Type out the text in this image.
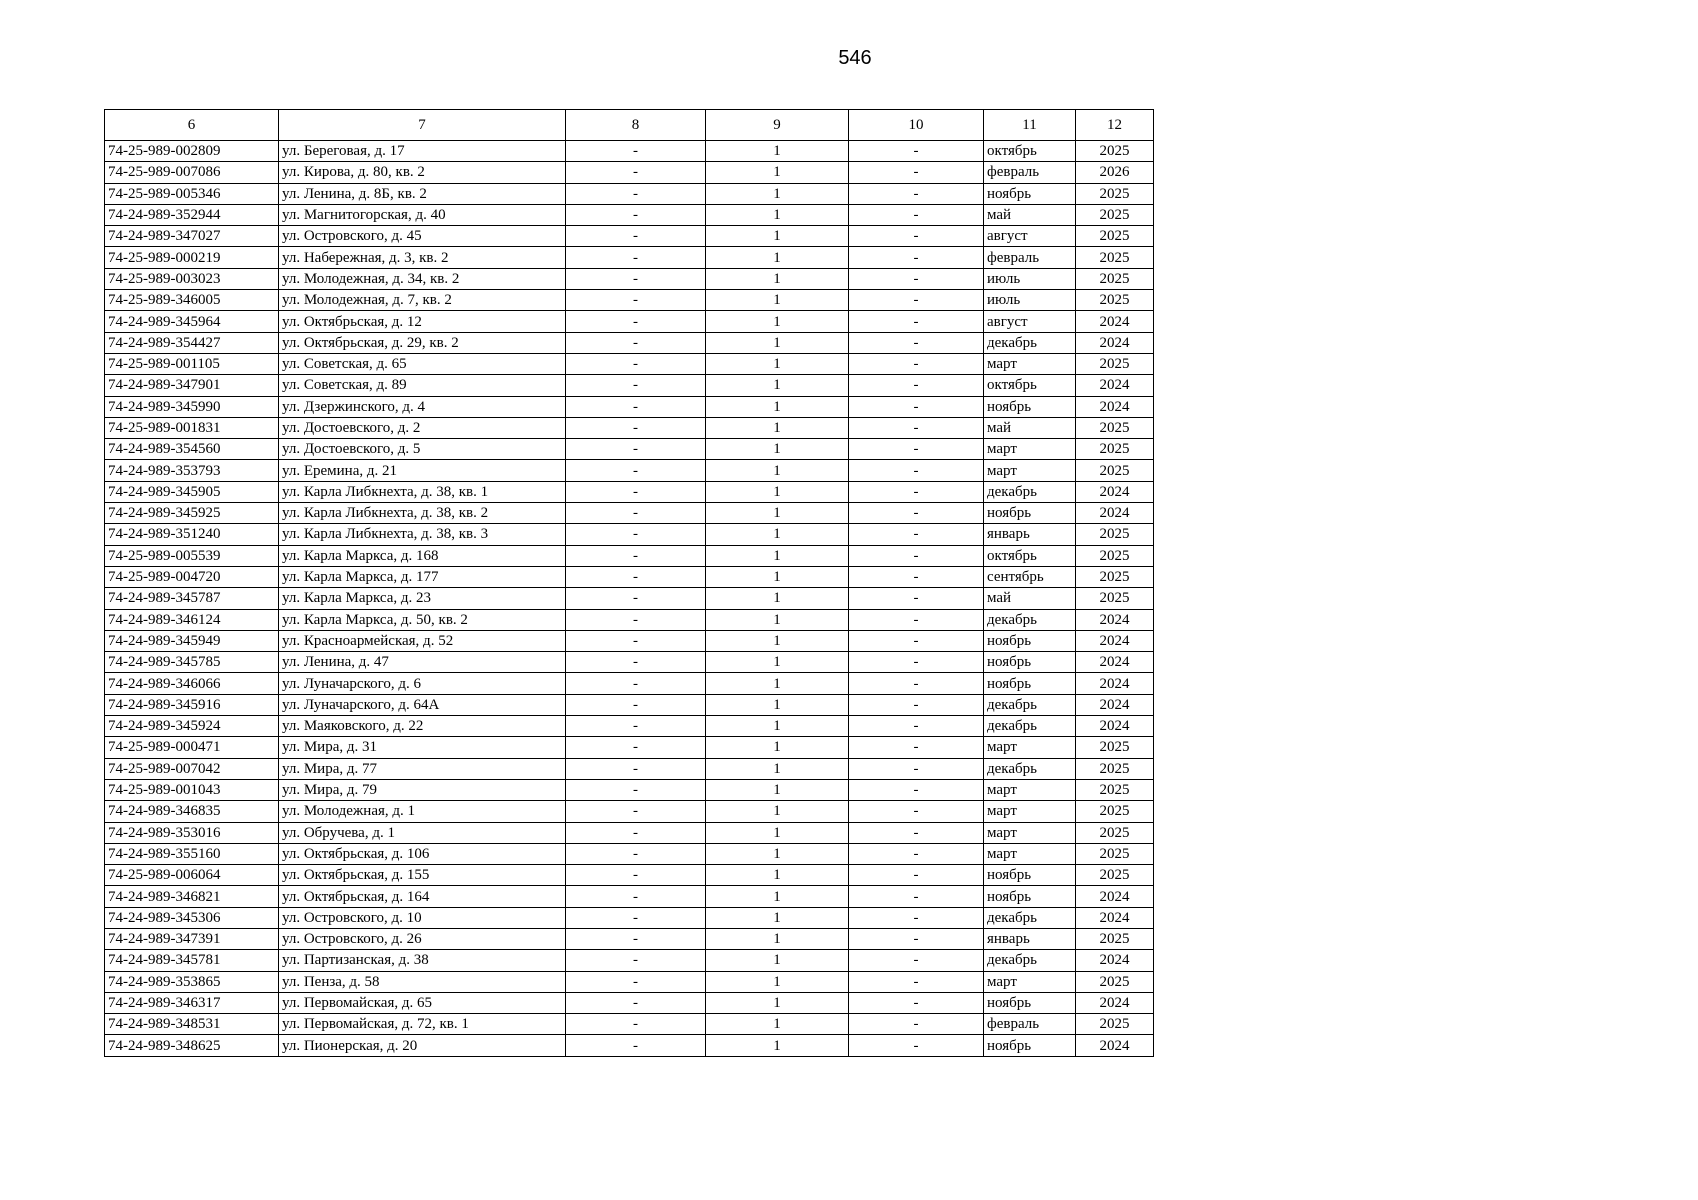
546
6	7	8	9	10	11	12
74-25-989-002809	ул. Береговая, д. 17	-	1	-	октябрь	2025
74-25-989-007086	ул. Кирова, д. 80, кв. 2	-	1	-	февраль	2026
74-25-989-005346	ул. Ленина, д. 8Б, кв. 2	-	1	-	ноябрь	2025
74-24-989-352944	ул. Магнитогорская, д. 40	-	1	-	май	2025
74-24-989-347027	ул. Островского, д. 45	-	1	-	август	2025
74-25-989-000219	ул. Набережная, д. 3, кв. 2	-	1	-	февраль	2025
74-25-989-003023	ул. Молодежная, д. 34, кв. 2	-	1	-	июль	2025
74-25-989-346005	ул. Молодежная, д. 7, кв. 2	-	1	-	июль	2025
74-24-989-345964	ул. Октябрьская, д. 12	-	1	-	август	2024
74-24-989-354427	ул. Октябрьская, д. 29, кв. 2	-	1	-	декабрь	2024
74-25-989-001105	ул. Советская, д. 65	-	1	-	март	2025
74-24-989-347901	ул. Советская, д. 89	-	1	-	октябрь	2024
74-24-989-345990	ул. Дзержинского, д. 4	-	1	-	ноябрь	2024
74-25-989-001831	ул. Достоевского, д. 2	-	1	-	май	2025
74-24-989-354560	ул. Достоевского, д. 5	-	1	-	март	2025
74-24-989-353793	ул. Еремина, д. 21	-	1	-	март	2025
74-24-989-345905	ул. Карла Либкнехта, д. 38, кв. 1	-	1	-	декабрь	2024
74-24-989-345925	ул. Карла Либкнехта, д. 38, кв. 2	-	1	-	ноябрь	2024
74-24-989-351240	ул. Карла Либкнехта, д. 38, кв. 3	-	1	-	январь	2025
74-25-989-005539	ул. Карла Маркса, д. 168	-	1	-	октябрь	2025
74-25-989-004720	ул. Карла Маркса, д. 177	-	1	-	сентябрь	2025
74-24-989-345787	ул. Карла Маркса, д. 23	-	1	-	май	2025
74-24-989-346124	ул. Карла Маркса, д. 50, кв. 2	-	1	-	декабрь	2024
74-24-989-345949	ул. Красноармейская, д. 52	-	1	-	ноябрь	2024
74-24-989-345785	ул. Ленина, д. 47	-	1	-	ноябрь	2024
74-24-989-346066	ул. Луначарского, д. 6	-	1	-	ноябрь	2024
74-24-989-345916	ул. Луначарского, д. 64А	-	1	-	декабрь	2024
74-24-989-345924	ул. Маяковского, д. 22	-	1	-	декабрь	2024
74-25-989-000471	ул. Мира, д. 31	-	1	-	март	2025
74-25-989-007042	ул. Мира, д. 77	-	1	-	декабрь	2025
74-25-989-001043	ул. Мира, д. 79	-	1	-	март	2025
74-24-989-346835	ул. Молодежная, д. 1	-	1	-	март	2025
74-24-989-353016	ул. Обручева, д. 1	-	1	-	март	2025
74-24-989-355160	ул. Октябрьская, д. 106	-	1	-	март	2025
74-25-989-006064	ул. Октябрьская, д. 155	-	1	-	ноябрь	2025
74-24-989-346821	ул. Октябрьская, д. 164	-	1	-	ноябрь	2024
74-24-989-345306	ул. Островского, д. 10	-	1	-	декабрь	2024
74-24-989-347391	ул. Островского, д. 26	-	1	-	январь	2025
74-24-989-345781	ул. Партизанская, д. 38	-	1	-	декабрь	2024
74-24-989-353865	ул. Пенза, д. 58	-	1	-	март	2025
74-24-989-346317	ул. Первомайская, д. 65	-	1	-	ноябрь	2024
74-24-989-348531	ул. Первомайская, д. 72, кв. 1	-	1	-	февраль	2025
74-24-989-348625	ул. Пионерская, д. 20	-	1	-	ноябрь	2024
